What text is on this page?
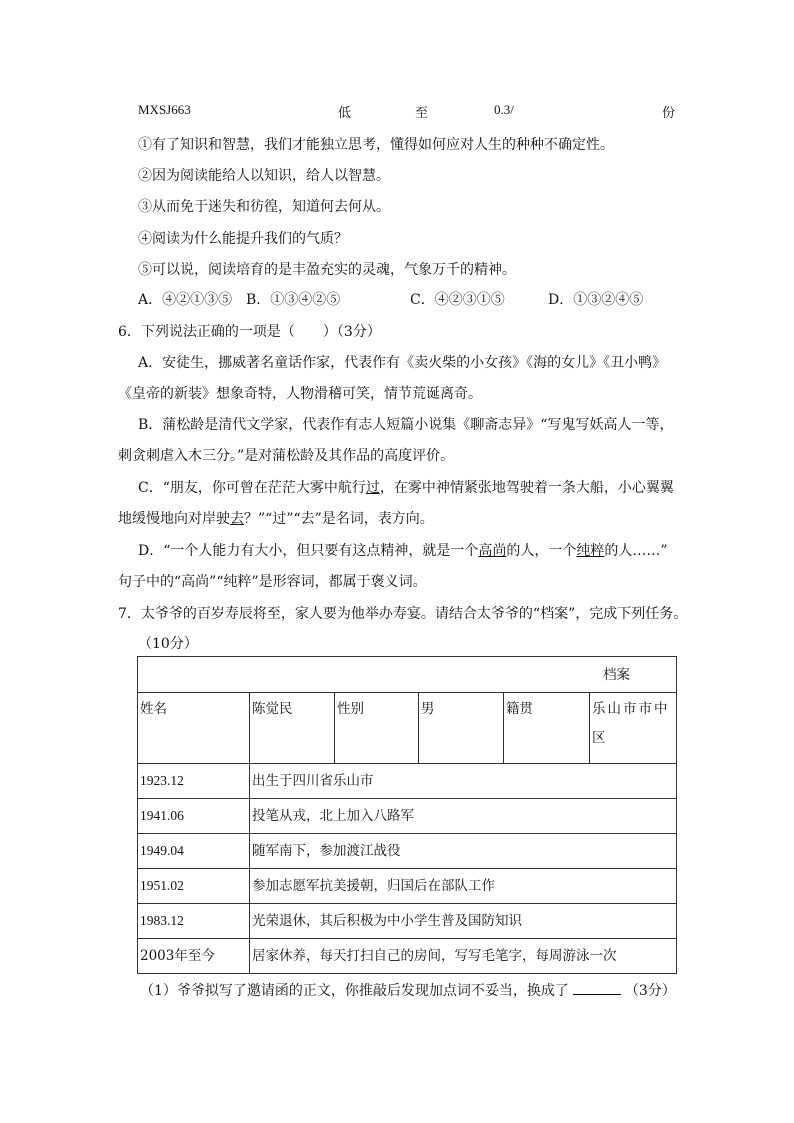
MXSJ663	低	至	0.3/	份
①有了知识和智慧，我们才能独立思考，懂得如何应对人生的种种不确定性。
②因为阅读能给人以知识，给人以智慧。
③从而免于迷失和彷徨，知道何去何从。
④阅读为什么能提升我们的气质？
⑤可以说，阅读培育的是丰盈充实的灵魂，气象万千的精神。
A．④②①③⑤ B．①③④②⑤	C．④②③①⑤	D．①③②④⑤
6．下列说法正确的一项是（　　）（3分）
A．安徒生，挪威著名童话作家，代表作有《卖火柴的小女孩》《海的女儿》《丑小鸭》
《皇帝的新装》想象奇特，人物滑稽可笑，情节荒诞离奇。
B．蒲松龄是清代文学家，代表作有志人短篇小说集《聊斋志异》“写鬼写妖高人一等，
刺贪刺虐入木三分。”是对蒲松龄及其作品的高度评价。
C．“朋友，你可曾在茫茫大雾中航行过，在雾中神情紧张地驾驶着一条大船，小心翼翼
地缓慢地向对岸驶去？”“过”“去”是名词，表方向。
D．“一个人能力有大小，但只要有这点精神，就是一个高尚的人，一个纯粹的人……”
句子中的“高尚”“纯粹”是形容词，都属于褒义词。
7．太爷爷的百岁寿辰将至，家人要为他举办寿宴。请结合太爷爷的“档案”，完成下列任务。
（10分）
档案					
姓名	陈觉民	性别	男	籍贯	乐山市市中区
1923.12	出生于四川省乐山市				
1941.06	投笔从戎，北上加入八路军				
1949.04	随军南下，参加渡江战役				
1951.02	参加志愿军抗美援朝，归国后在部队工作				
1983.12	光荣退休，其后积极为中小学生普及国防知识				
2003年至今	居家休养，每天打扫自己的房间，写写毛笔字，每周游泳一次				
（1）爷爷拟写了邀请函的正文，你推敲后发现加点词不妥当，换成了	（3分）
